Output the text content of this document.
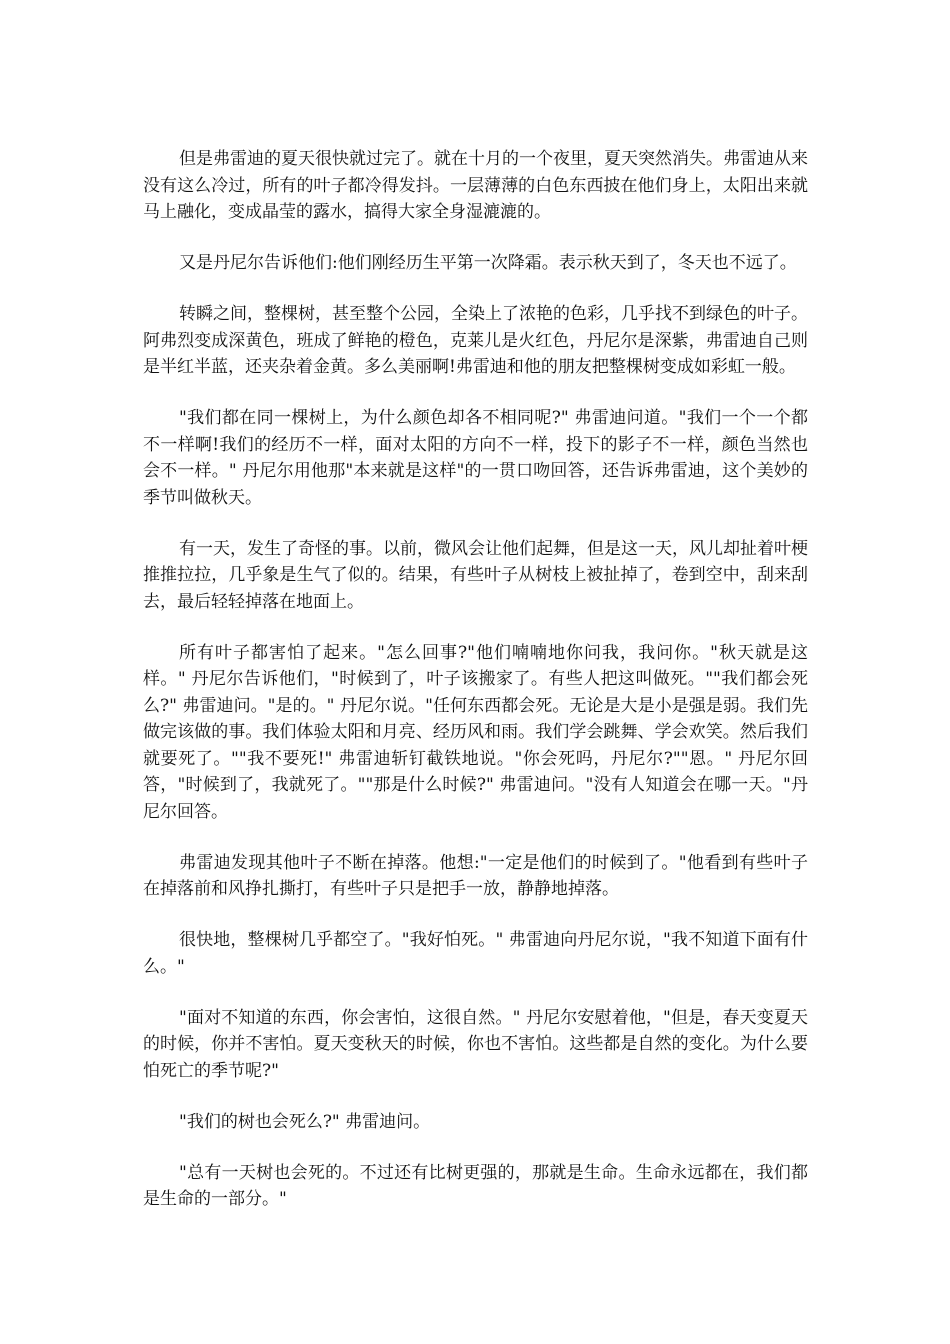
但是弗雷迪的夏天很快就过完了。就在十月的一个夜里，夏天突然消失。弗雷迪从来没有这么冷过，所有的叶子都冷得发抖。一层薄薄的白色东西披在他们身上，太阳出来就马上融化，变成晶莹的露水，搞得大家全身湿漉漉的。

又是丹尼尔告诉他们:他们刚经历生平第一次降霜。表示秋天到了，冬天也不远了。

转瞬之间，整棵树，甚至整个公园，全染上了浓艳的色彩，几乎找不到绿色的叶子。阿弗烈变成深黄色，班成了鲜艳的橙色，克莱儿是火红色，丹尼尔是深紫，弗雷迪自己则是半红半蓝，还夹杂着金黄。多么美丽啊!弗雷迪和他的朋友把整棵树变成如彩虹一般。

"我们都在同一棵树上，为什么颜色却各不相同呢?" 弗雷迪问道。"我们一个一个都不一样啊!我们的经历不一样，面对太阳的方向不一样，投下的影子不一样，颜色当然也会不一样。" 丹尼尔用他那"本来就是这样"的一贯口吻回答，还告诉弗雷迪，这个美妙的季节叫做秋天。

有一天，发生了奇怪的事。以前，微风会让他们起舞，但是这一天，风儿却扯着叶梗推推拉拉，几乎象是生气了似的。结果，有些叶子从树枝上被扯掉了，卷到空中，刮来刮去，最后轻轻掉落在地面上。

所有叶子都害怕了起来。"怎么回事?"他们喃喃地你问我，我问你。"秋天就是这样。" 丹尼尔告诉他们，"时候到了，叶子该搬家了。有些人把这叫做死。""我们都会死么?" 弗雷迪问。"是的。" 丹尼尔说。"任何东西都会死。无论是大是小是强是弱。我们先做完该做的事。我们体验太阳和月亮、经历风和雨。我们学会跳舞、学会欢笑。然后我们就要死了。""我不要死!" 弗雷迪斩钉截铁地说。"你会死吗，丹尼尔?""恩。" 丹尼尔回答，"时候到了，我就死了。""那是什么时候?" 弗雷迪问。"没有人知道会在哪一天。"丹尼尔回答。

弗雷迪发现其他叶子不断在掉落。他想:"一定是他们的时候到了。"他看到有些叶子在掉落前和风挣扎撕打，有些叶子只是把手一放，静静地掉落。

很快地，整棵树几乎都空了。"我好怕死。" 弗雷迪向丹尼尔说，"我不知道下面有什么。"

"面对不知道的东西，你会害怕，这很自然。" 丹尼尔安慰着他，"但是，春天变夏天的时候，你并不害怕。夏天变秋天的时候，你也不害怕。这些都是自然的变化。为什么要怕死亡的季节呢?"

"我们的树也会死么?" 弗雷迪问。

"总有一天树也会死的。不过还有比树更强的，那就是生命。生命永远都在，我们都是生命的一部分。"
